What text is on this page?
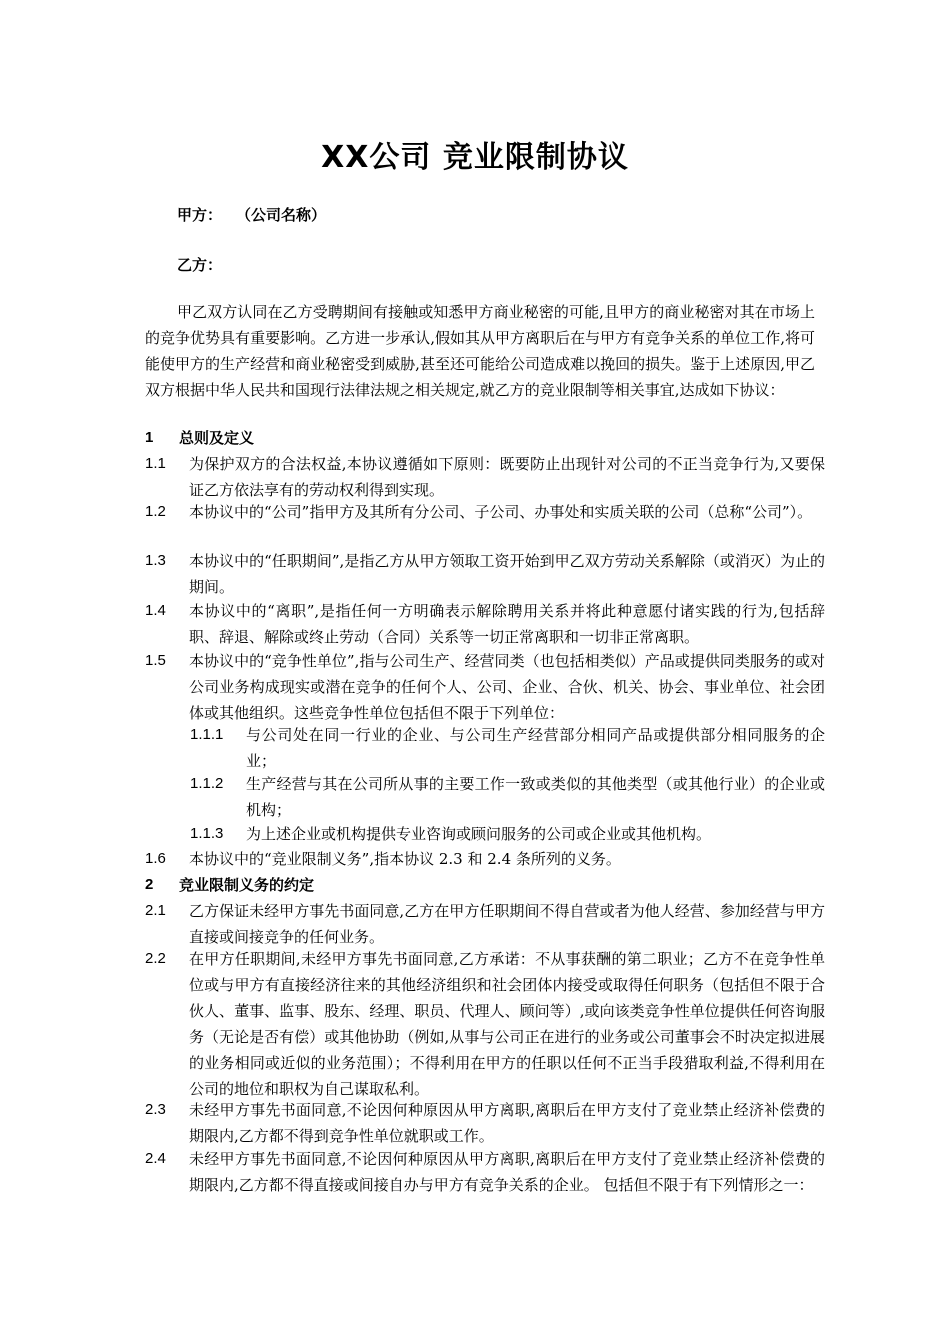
XX公司 竞业限制协议
甲方： （公司名称）
乙方：
甲乙双方认同在乙方受聘期间有接触或知悉甲方商业秘密的可能,且甲方的商业秘密对其在市场上的竞争优势具有重要影响。乙方进一步承认,假如其从甲方离职后在与甲方有竞争关系的单位工作,将可能使甲方的生产经营和商业秘密受到威胁,甚至还可能给公司造成难以挽回的损失。鉴于上述原因,甲乙双方根据中华人民共和国现行法律法规之相关规定,就乙方的竞业限制等相关事宜,达成如下协议：
1 总则及定义
1.1 为保护双方的合法权益,本协议遵循如下原则：既要防止出现针对公司的不正当竞争行为,又要保证乙方依法享有的劳动权利得到实现。
1.2 本协议中的“公司”指甲方及其所有分公司、子公司、办事处和实质关联的公司（总称“公司”）。
1.3 本协议中的“任职期间”,是指乙方从甲方领取工资开始到甲乙双方劳动关系解除（或消灭）为止的期间。
1.4 本协议中的“离职”,是指任何一方明确表示解除聘用关系并将此种意愿付诸实践的行为,包括辞职、辞退、解除或终止劳动（合同）关系等一切正常离职和一切非正常离职。
1.5 本协议中的“竞争性单位”,指与公司生产、经营同类（也包括相类似）产品或提供同类服务的或对公司业务构成现实或潜在竞争的任何个人、公司、企业、合伙、机关、协会、事业单位、社会团体或其他组织。这些竞争性单位包括但不限于下列单位：
1.1.1 与公司处在同一行业的企业、与公司生产经营部分相同产品或提供部分相同服务的企业；
1.1.2 生产经营与其在公司所从事的主要工作一致或类似的其他类型（或其他行业）的企业或机构；
1.1.3 为上述企业或机构提供专业咨询或顾问服务的公司或企业或其他机构。
1.6 本协议中的“竞业限制义务”,指本协议 2.3 和 2.4 条所列的义务。
2 竞业限制义务的约定
2.1 乙方保证未经甲方事先书面同意,乙方在甲方任职期间不得自营或者为他人经营、参加经营与甲方直接或间接竞争的任何业务。
2.2 在甲方任职期间,未经甲方事先书面同意,乙方承诺：不从事获酬的第二职业；乙方不在竞争性单位或与甲方有直接经济往来的其他经济组织和社会团体内接受或取得任何职务（包括但不限于合伙人、董事、监事、股东、经理、职员、代理人、顾问等）,或向该类竞争性单位提供任何咨询服务（无论是否有偿）或其他协助（例如,从事与公司正在进行的业务或公司董事会不时决定拟进展的业务相同或近似的业务范围）；不得利用在甲方的任职以任何不正当手段猎取利益,不得利用在公司的地位和职权为自己谋取私利。
2.3 未经甲方事先书面同意,不论因何种原因从甲方离职,离职后在甲方支付了竞业禁止经济补偿费的期限内,乙方都不得到竞争性单位就职或工作。
2.4 未经甲方事先书面同意,不论因何种原因从甲方离职,离职后在甲方支付了竞业禁止经济补偿费的期限内,乙方都不得直接或间接自办与甲方有竞争关系的企业。 包括但不限于有下列情形之一：
